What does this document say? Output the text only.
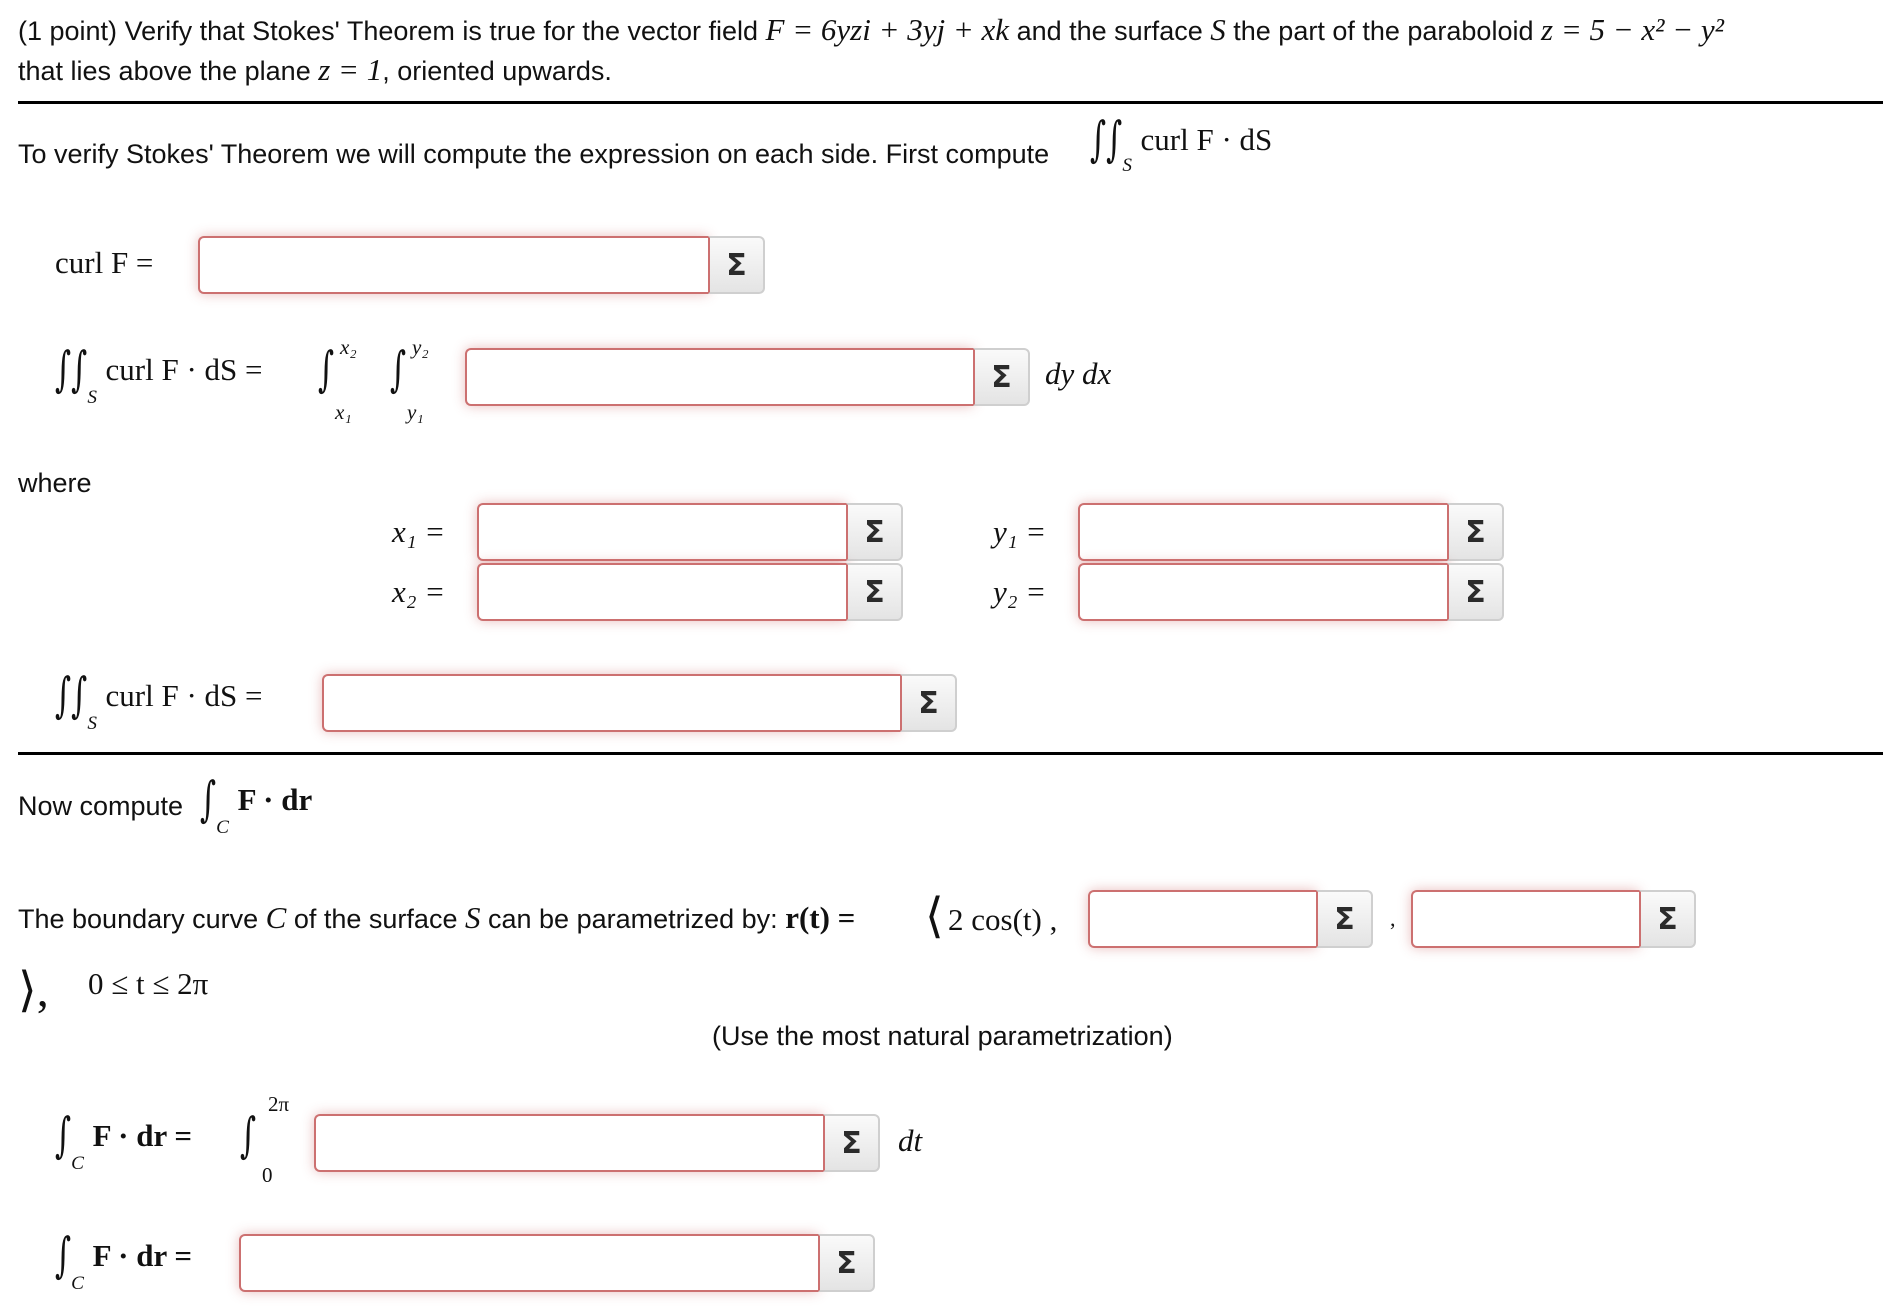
(1 point) Verify that Stokes' Theorem is true for the vector field F = 6yzi + 3yj + xk and the surface S the part of the paraboloid z = 5 − x² − y²
that lies above the plane z = 1, oriented upwards.
To verify Stokes' Theorem we will compute the expression on each side. First compute $\int\int_S$ curl F · dS
curl F =	Σ
$\int\int_S$ curl F · dS = ∫ x₂
x₁
∫ y₂
y₁
Σ	dy dx
where
x₁ =	Σ
x₂ =	Σ
y₁ =	Σ
y₂ =	Σ
$\int\int_S$ curl F · dS =	Σ
Now compute $\int_C$ F · dr
The boundary curve C of the surface S can be parametrized by: r(t) = ⟨ 2 cos(t) ,	Σ	,	Σ
⟩, 0 ≤ t ≤ 2π
(Use the most natural parametrization)
$\int_C$ F · dr = ∫
2π
0
Σ	dt
$\int_C$ F · dr =	Σ
